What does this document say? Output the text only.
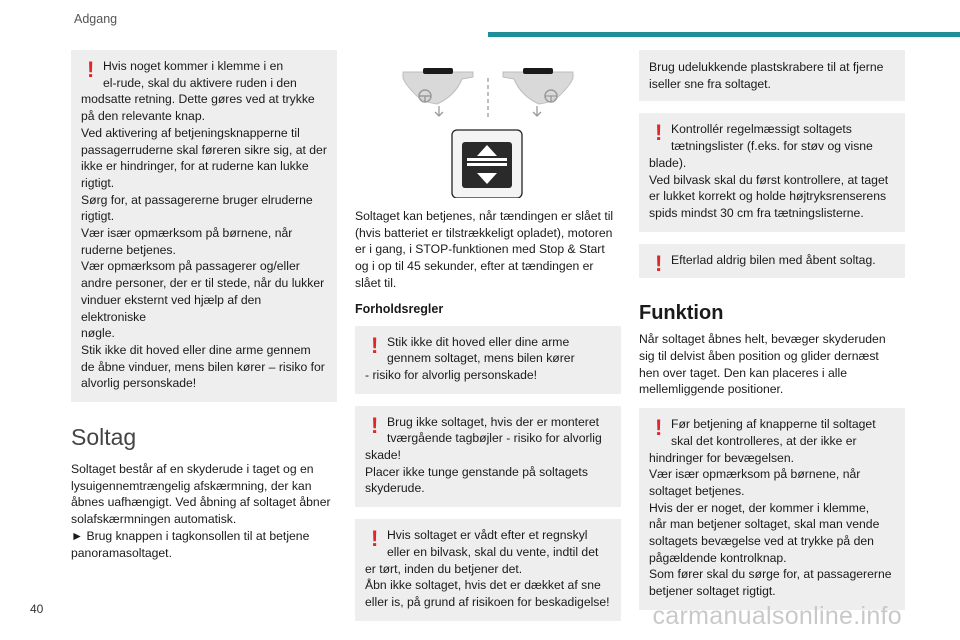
Adgang
! Hvis noget kommer i klemme i en
el-rude, skal du aktivere ruden i den
modsatte retning. Dette gøres ved at trykke
på den relevante knap.
Ved aktivering af betjeningsknapperne til
passagerruderne skal føreren sikre sig, at der
ikke er hindringer, for at ruderne kan lukke
rigtigt.
Sørg for, at passagererne bruger elruderne
rigtigt.
Vær især opmærksom på børnene, når
ruderne betjenes.
Vær opmærksom på passagerer og/eller
andre personer, der er til stede, når du lukker
vinduer eksternt ved hjælp af den elektroniske
nøgle.
Stik ikke dit hoved eller dine arme gennem
de åbne vinduer, mens bilen kører – risiko for
alvorlig personskade!
Soltag
Soltaget består af en skyderude i taget og en
lysuigennemtrængelig afskærmning, der kan
åbnes uafhængigt. Ved åbning af soltaget åbner
solafskærmningen automatisk.
► Brug knappen i tagkonsollen til at betjene
panoramasoltaget.
Soltaget kan betjenes, når tændingen er slået til
(hvis batteriet er tilstrækkeligt opladet), motoren
er i gang, i STOP-funktionen med Stop & Start
og i op til 45 sekunder, efter at tændingen er
slået til.
Forholdsregler
! Stik ikke dit hoved eller dine arme
gennem soltaget, mens bilen kører
- risiko for alvorlig personskade!
! Brug ikke soltaget, hvis der er monteret
tværgående tagbøjler - risiko for alvorlig
skade!
Placer ikke tunge genstande på soltagets
skyderude.
! Hvis soltaget er vådt efter et regnskyl
eller en bilvask, skal du vente, indtil det
er tørt, inden du betjener det.
Åbn ikke soltaget, hvis det er dækket af sne
eller is, på grund af risikoen for beskadigelse!
Brug udelukkende plastskrabere til at fjerne iseller sne fra soltaget.
! Kontrollér regelmæssigt soltagets
tætningslister (f.eks. for støv og visne
blade).
Ved bilvask skal du først kontrollere, at taget
er lukket korrekt og holde højtryksrenserens
spids mindst 30 cm fra tætningslisterne.
! Efterlad aldrig bilen med åbent soltag.
Funktion
Når soltaget åbnes helt, bevæger skyderuden
sig til delvist åben position og glider dernæst
hen over taget. Den kan placeres i alle
mellemliggende positioner.
! Før betjening af knapperne til soltaget
skal det kontrolleres, at der ikke er
hindringer for bevægelsen.
Vær især opmærksom på børnene, når
soltaget betjenes.
Hvis der er noget, der kommer i klemme,
når man betjener soltaget, skal man vende
soltagets bevægelse ved at trykke på den
pågældende kontrolknap.
Som fører skal du sørge for, at passagererne
betjener soltaget rigtigt.
40	carmanualsonline.info
